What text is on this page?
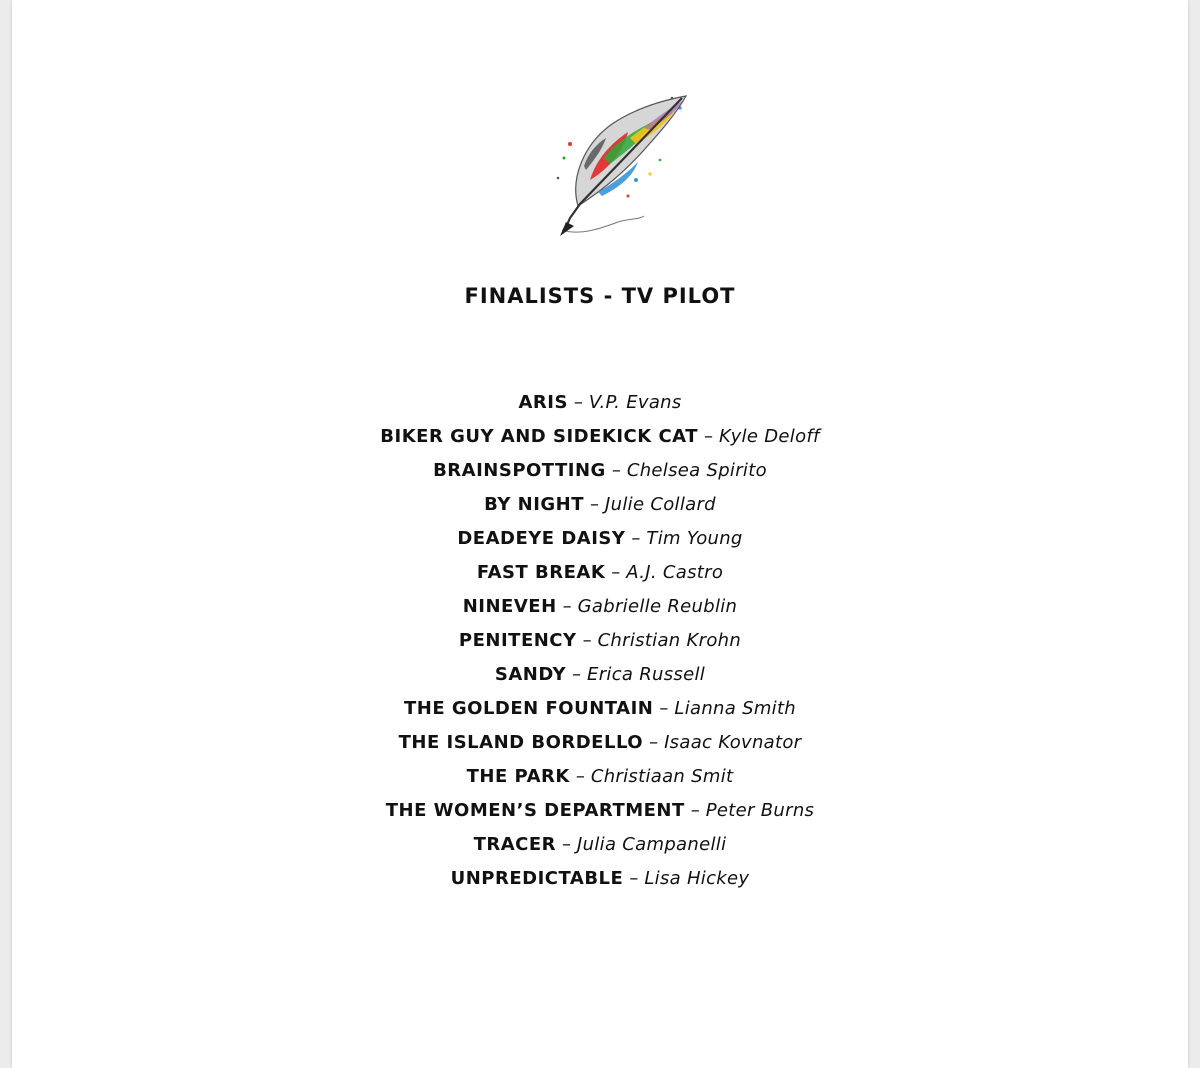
FINALISTS - TV PILOT
ARIS – V.P. Evans
BIKER GUY AND SIDEKICK CAT – Kyle Deloff
BRAINSPOTTING – Chelsea Spirito
BY NIGHT – Julie Collard
DEADEYE DAISY – Tim Young
FAST BREAK – A.J. Castro
NINEVEH – Gabrielle Reublin
PENITENCY – Christian Krohn
SANDY – Erica Russell
THE GOLDEN FOUNTAIN – Lianna Smith
THE ISLAND BORDELLO – Isaac Kovnator
THE PARK – Christiaan Smit
THE WOMEN’S DEPARTMENT – Peter Burns
TRACER – Julia Campanelli
UNPREDICTABLE – Lisa Hickey
